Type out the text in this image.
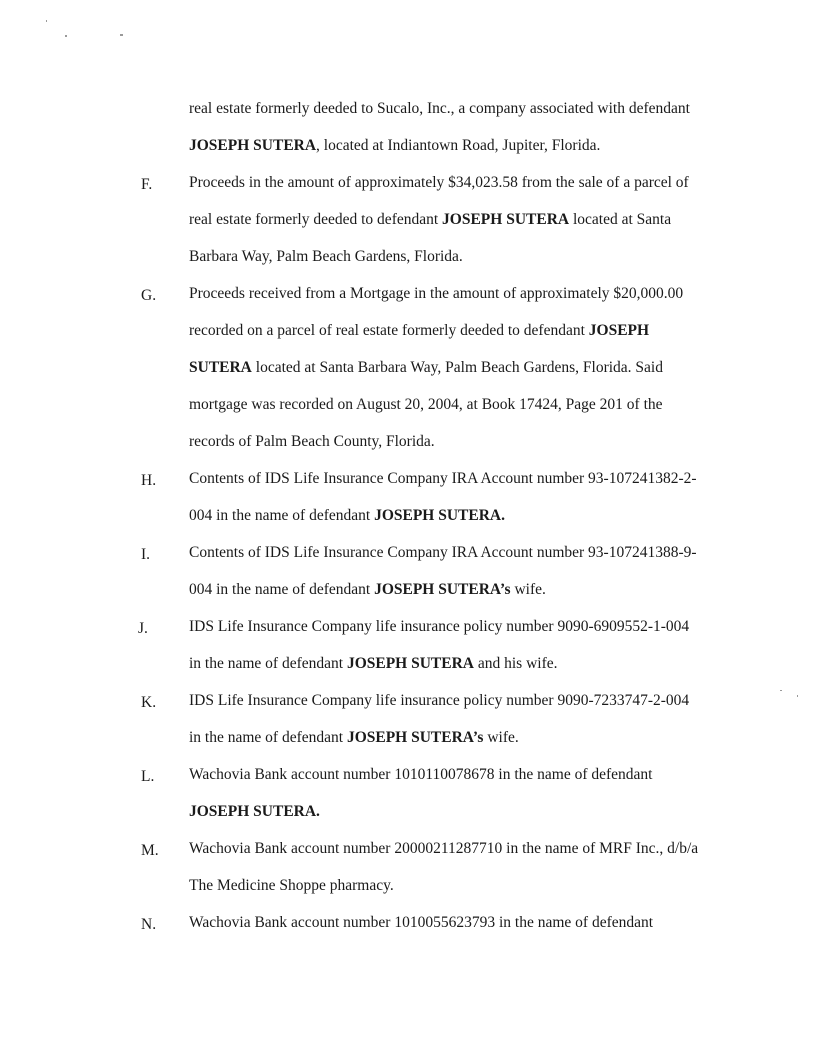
real estate formerly deeded to Sucalo, Inc., a company associated with defendant

JOSEPH SUTERA, located at Indiantown Road, Jupiter, Florida.

F. Proceeds in the amount of approximately $34,023.58 from the sale of a parcel of

real estate formerly deeded to defendant JOSEPH SUTERA located at Santa

Barbara Way, Palm Beach Gardens, Florida.

G. Proceeds received from a Mortgage in the amount of approximately $20,000.00

recorded on a parcel of real estate formerly deeded to defendant JOSEPH

SUTERA located at Santa Barbara Way, Palm Beach Gardens, Florida. Said

mortgage was recorded on August 20, 2004, at Book 17424, Page 201 of the

records of Palm Beach County, Florida.

H. Contents of IDS Life Insurance Company IRA Account number 93-107241382-2-

004 in the name of defendant JOSEPH SUTERA.

I.	Contents of IDS Life Insurance Company IRA Account number 93-107241388-9-

004 in the name of defendant JOSEPH SUTERA’s wife.

J.	IDS Life Insurance Company life insurance policy number 9090-6909552-1-004

in the name of defendant JOSEPH SUTERA and his wife.

K. IDS Life Insurance Company life insurance policy number 9090-7233747-2-004

in the name of defendant JOSEPH SUTERA’s wife.

L. Wachovia Bank account number 1010110078678 in the name of defendant

JOSEPH SUTERA.

M. Wachovia Bank account number 20000211287710 in the name of MRF Inc., d/b/a

The Medicine Shoppe pharmacy.

N. Wachovia Bank account number 1010055623793 in the name of defendant
